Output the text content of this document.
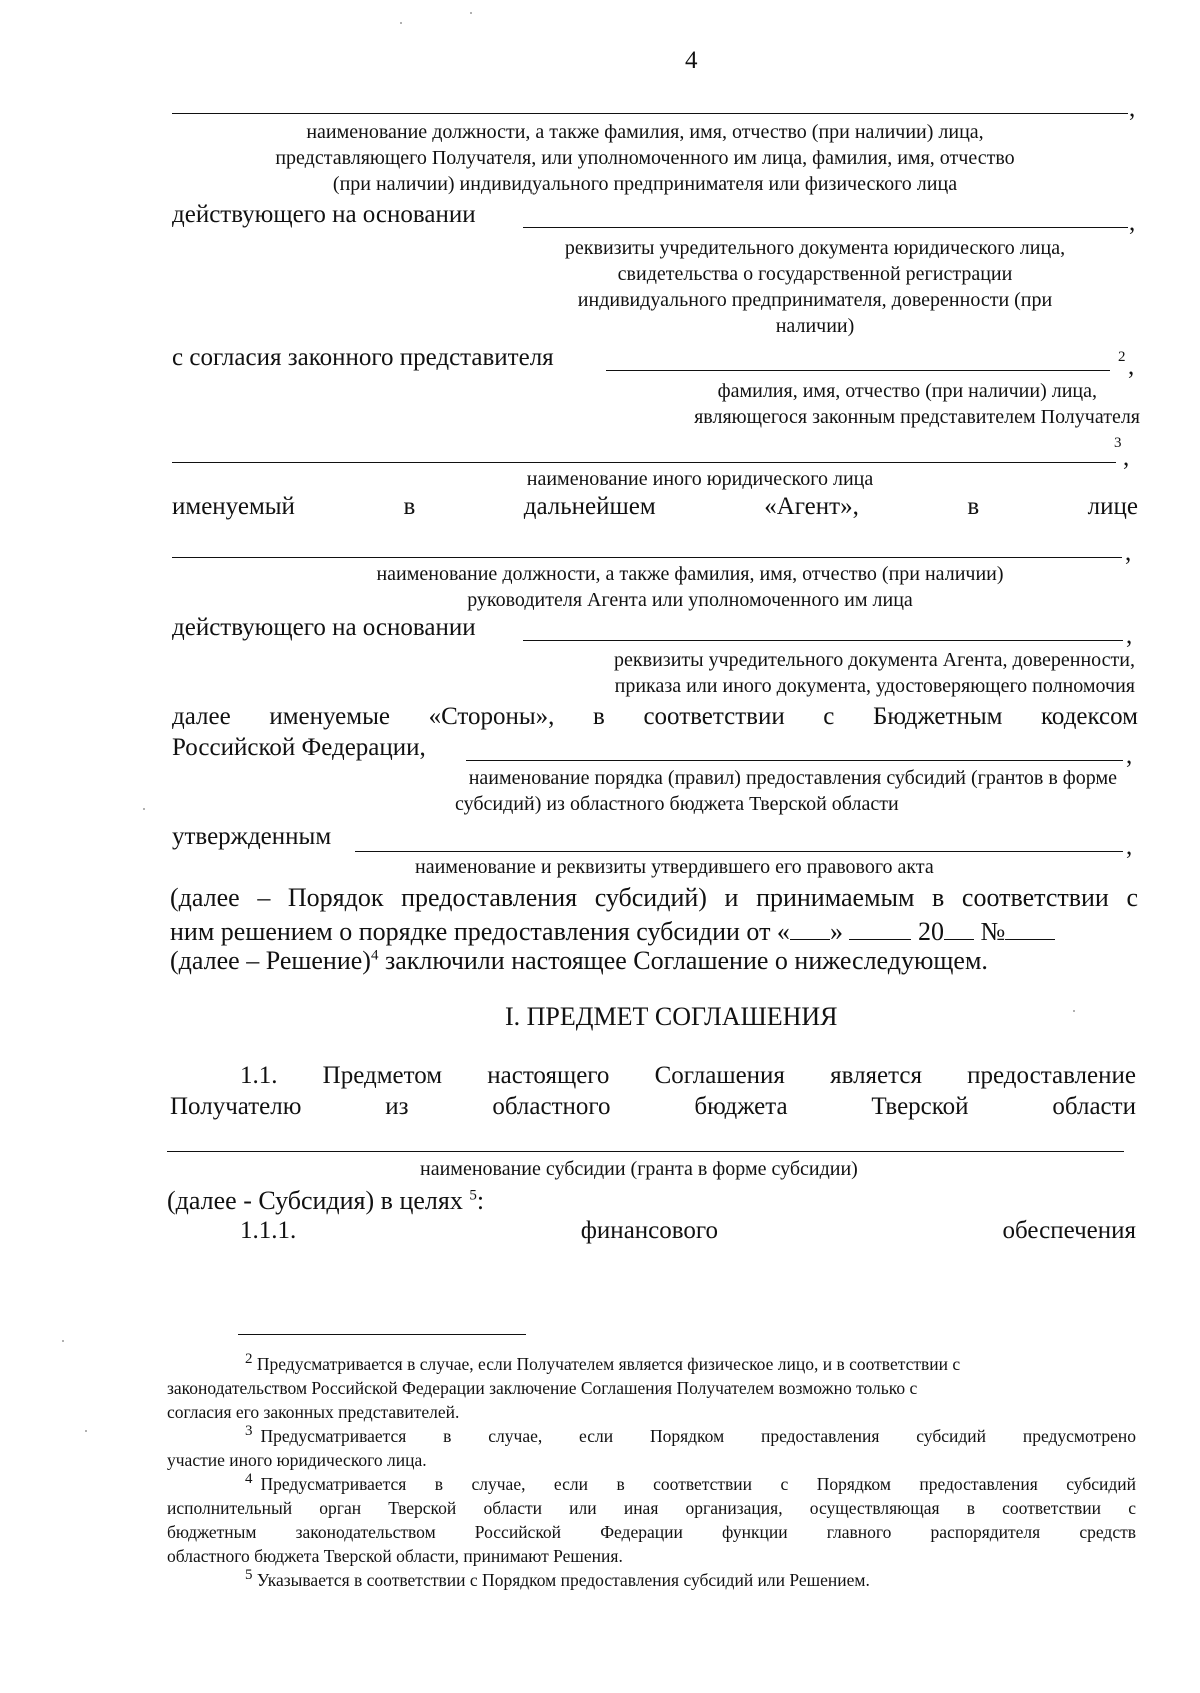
4
,
наименование должности, а также фамилия, имя, отчество (при наличии) лица,
представляющего Получателя, или уполномоченного им лица, фамилия, имя, отчество
(при наличии) индивидуального предпринимателя или физического лица
действующего на основании	,
реквизиты учредительного документа юридического лица,
свидетельства о государственной регистрации
индивидуального предпринимателя, доверенности (при
наличии)
с согласия законного представителя	2 ,
фамилия, имя, отчество (при наличии) лица,
являющегося законным представителем Получателя
3
,
наименование иного юридического лица
именуемый	в	дальнейшем	«Агент»,	в	лице
,
наименование должности, а также фамилия, имя, отчество (при наличии)
руководителя Агента или уполномоченного им лица
действующего на основании	,
реквизиты учредительного документа Агента, доверенности,
приказа или иного документа, удостоверяющего полномочия
далее именуемые «Стороны», в соответствии с Бюджетным кодексом
Российской Федерации,	,
наименование порядка (правил) предоставления субсидий (грантов в форме
субсидий) из областного бюджета Тверской области
утвержденным	,
наименование и реквизиты утвердившего его правового акта
(далее – Порядок предоставления субсидий) и принимаемым в соответствии с
ним решением о порядке предоставления субсидии от « »	20 №
(далее – Решение)$^4$ заключили настоящее Соглашение о нижеследующем.
I. ПРЕДМЕТ СОГЛАШЕНИЯ
1.1. Предметом настоящего Соглашения является предоставление
Получателю	из	областного	бюджета	Тверской	области
наименование субсидии (гранта в форме субсидии)
(далее - Субсидия) в целях $^5$:
1.1.1.	финансового	обеспечения
$^2$ Предусматривается в случае, если Получателем является физическое лицо, и в соответствии с
законодательством Российской Федерации заключение Соглашения Получателем возможно только с
согласия его законных представителей.
$^3$ Предусматривается в случае, если Порядком предоставления субсидий предусмотрено
участие иного юридического лица.
$^4$ Предусматривается в случае, если в соответствии с Порядком предоставления субсидий
исполнительный орган Тверской области или иная организация, осуществляющая в соответствии с
бюджетным законодательством Российской Федерации функции главного распорядителя средств
областного бюджета Тверской области, принимают Решения.
$^5$ Указывается в соответствии с Порядком предоставления субсидий или Решением.
